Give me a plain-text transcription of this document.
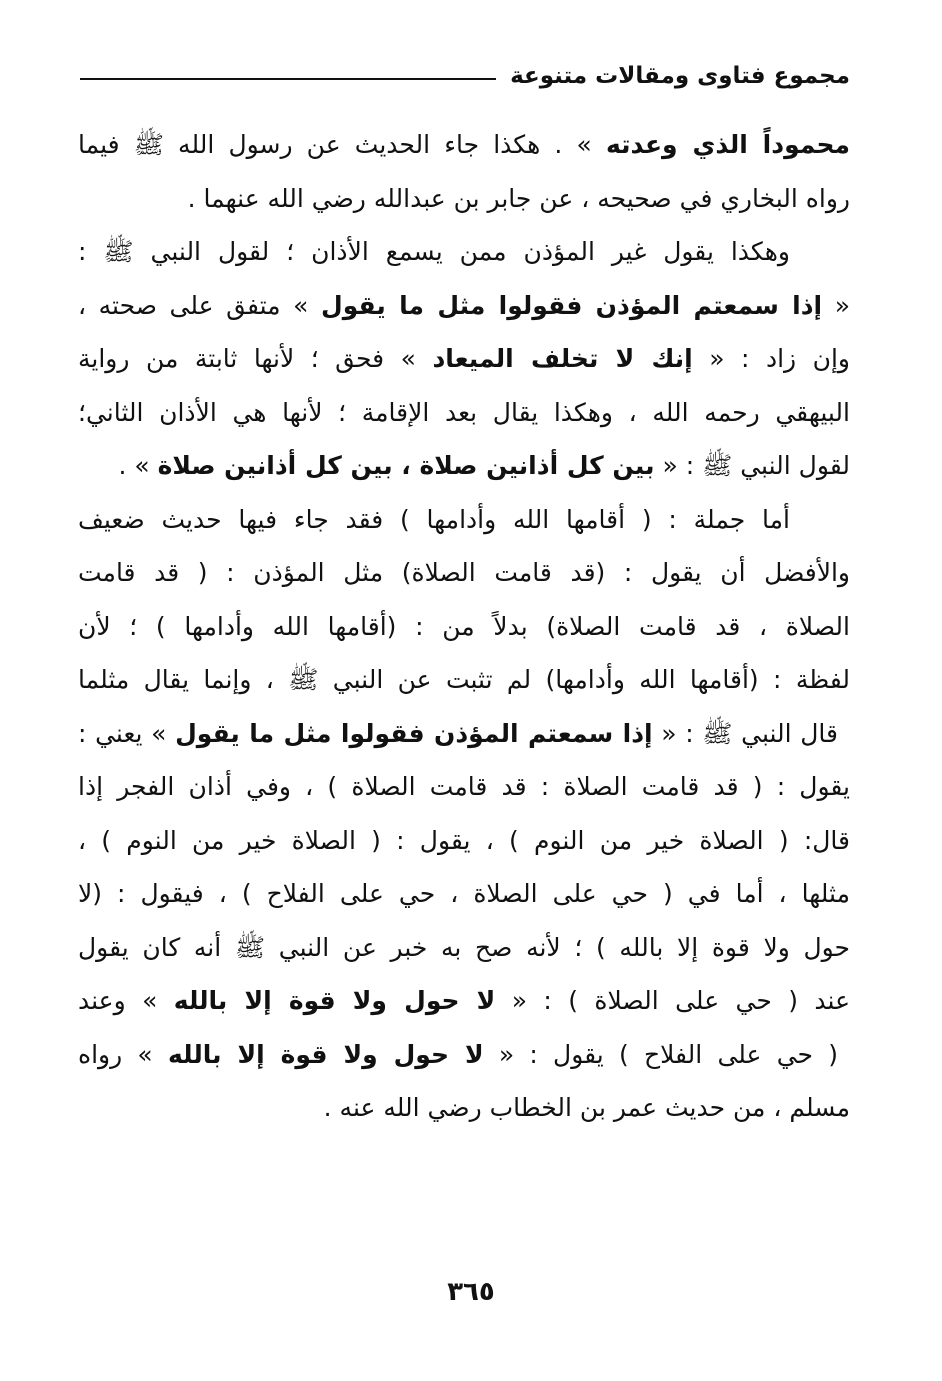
مجموع فتاوى ومقالات متنوعة
محموداً الذي وعدته » . هكذا جاء الحديث عن رسول الله ﷺ فيما
رواه البخاري في صحيحه ، عن جابر بن عبدالله رضي الله عنهما .
وهكذا يقول غير المؤذن ممن يسمع الأذان ؛ لقول النبي ﷺ :
« إذا سمعتم المؤذن فقولوا مثل ما يقول » متفق على صحته ،
وإن زاد : « إنك لا تخلف الميعاد » فحق ؛ لأنها ثابتة من رواية
البيهقي رحمه الله ، وهكذا يقال بعد الإقامة ؛ لأنها هي الأذان الثاني؛
لقول النبي ﷺ : « بين كل أذانين صلاة ، بين كل أذانين صلاة » .
أما جملة : ( أقامها الله وأدامها ) فقد جاء فيها حديث ضعيف
والأفضل أن يقول : (قد قامت الصلاة) مثل المؤذن : ( قد قامت
الصلاة ، قد قامت الصلاة) بدلاً من : (أقامها الله وأدامها ) ؛ لأن
لفظة : (أقامها الله وأدامها) لم تثبت عن النبي ﷺ ، وإنما يقال مثلما
قال النبي ﷺ : « إذا سمعتم المؤذن فقولوا مثل ما يقول » يعني :
يقول : ( قد قامت الصلاة : قد قامت الصلاة ) ، وفي أذان الفجر إذا
قال: ( الصلاة خير من النوم ) ، يقول : ( الصلاة خير من النوم ) ،
مثلها ، أما في ( حي على الصلاة ، حي على الفلاح ) ، فيقول : (لا
حول ولا قوة إلا بالله ) ؛ لأنه صح به خبر عن النبي ﷺ أنه كان يقول
عند ( حي على الصلاة ) : « لا حول ولا قوة إلا بالله » وعند
( حي على الفلاح ) يقول : « لا حول ولا قوة إلا بالله » رواه
مسلم ، من حديث عمر بن الخطاب رضي الله عنه .
٣٦٥
